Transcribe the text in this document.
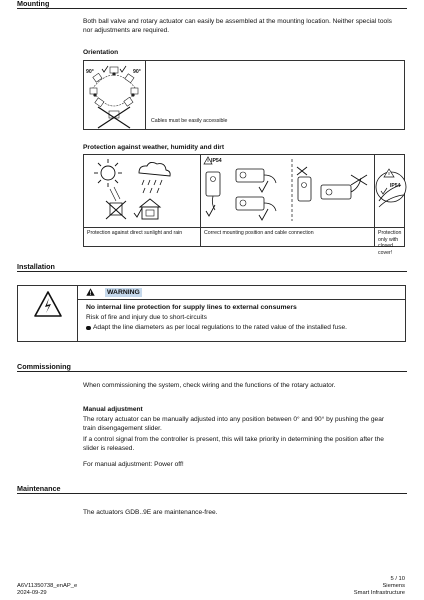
Mounting
Both ball valve and rotary actuator can easily be assembled at the mounting location. Neither special tools nor adjustments are required.
Orientation
90°	90°
Cables must be easily accessible
Protection against weather, humidity and dirt
IP54
IP54
Protection against direct sunlight and rain	Correct mounting position and cable connection	Protection only with closed cover!
Installation
WARNING
No internal line protection for supply lines to external consumers
Risk of fire and injury due to short-circuits
Adapt the line diameters as per local regulations to the rated value of the installed fuse.
Commissioning
When commissioning the system, check wiring and the functions of the rotary actuator.
Manual adjustment
The rotary actuator can be manually adjusted into any position between 0° and 90° by pushing the gear train disengagement slider.
If a control signal from the controller is present, this will take priority in determining the position after the slider is released.
For manual adjustment: Power off!
Maintenance
The actuators GDB..9E are maintenance-free.
A6V11350738_enAP_e
2024-09-29
5 / 10
Siemens
Smart Infrastructure
